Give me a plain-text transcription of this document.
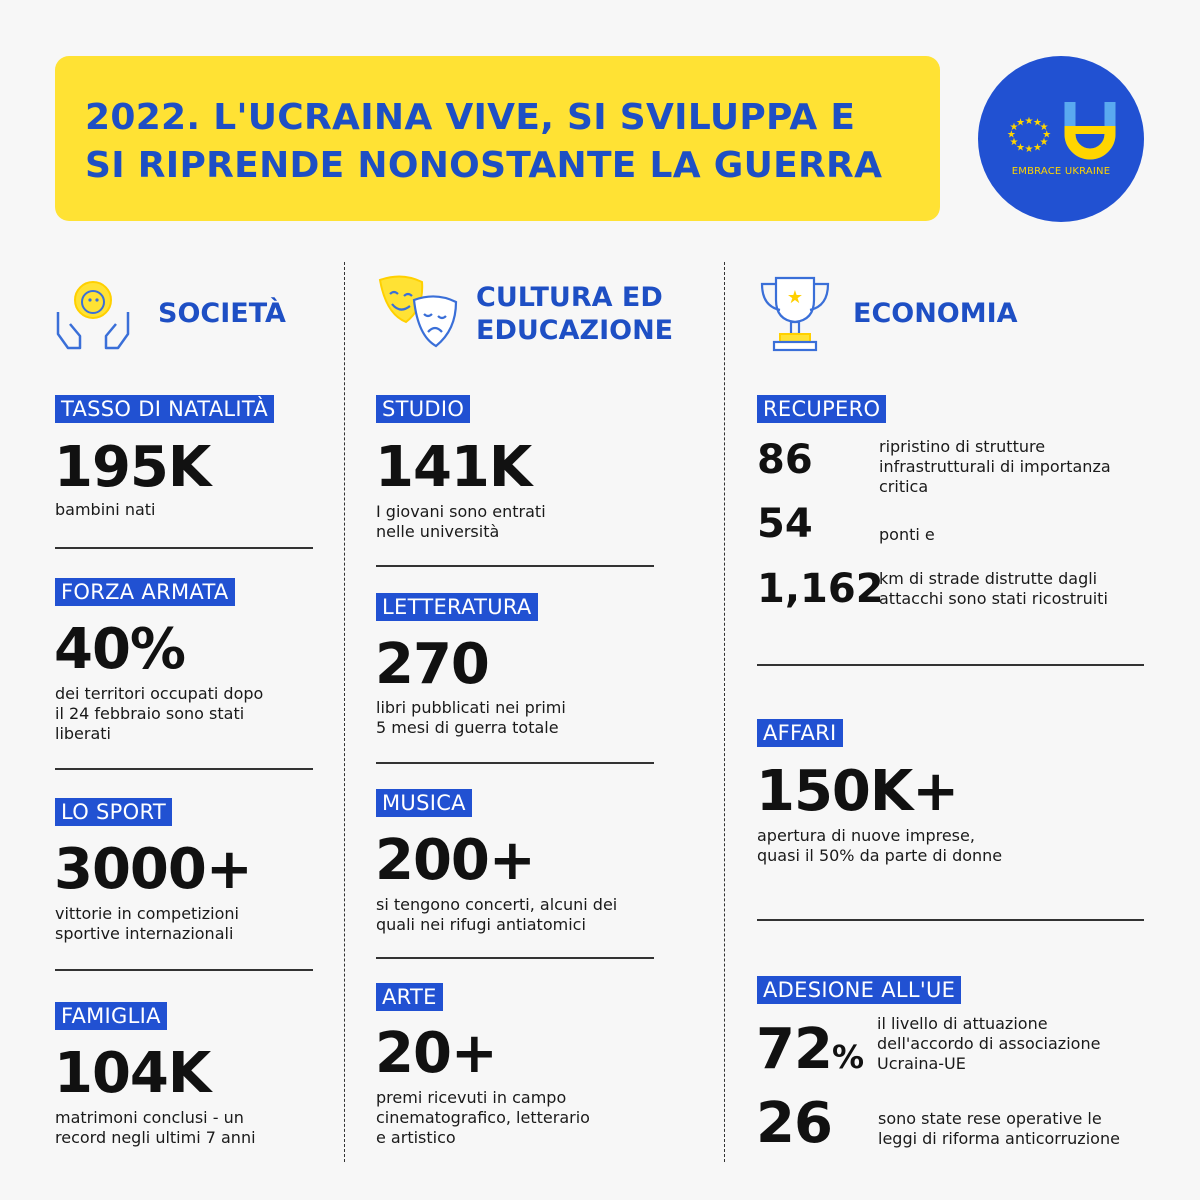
2022. L'UCRAINA VIVE, SI SVILUPPA E
SI RIPRENDE NONOSTANTE LA GUERRA
★ ★
★
★
★
★
★
★
★
★
★
★
EMBRACE UKRAINE
SOCIETÀ
TASSO DI NATALITÀ
195K
bambini nati
FORZA ARMATA
40%
dei territori occupati dopo
il 24 febbraio sono stati
liberati
LO SPORT
3000+
vittorie in competizioni
sportive internazionali
FAMIGLIA
104K
matrimoni conclusi - un
record negli ultimi 7 anni
CULTURA ED
EDUCAZIONE
STUDIO
141K
I giovani sono entrati
nelle università
LETTERATURA
270
libri pubblicati nei primi
5 mesi di guerra totale
MUSICA
200+
si tengono concerti, alcuni dei
quali nei rifugi antiatomici
ARTE
20+
premi ricevuti in campo
cinematografico, letterario
e artistico
★
ECONOMIA
RECUPERO
86	ripristino di strutture
infrastrutturali di importanza
critica
54	ponti e
1,162
km di strade distrutte dagli
attacchi sono stati ricostruiti
AFFARI
150K+
apertura di nuove imprese,
quasi il 50% da parte di donne
ADESIONE ALL'UE
72%
il livello di attuazione
dell'accordo di associazione
Ucraina-UE
26	sono state rese operative le
leggi di riforma anticorruzione
